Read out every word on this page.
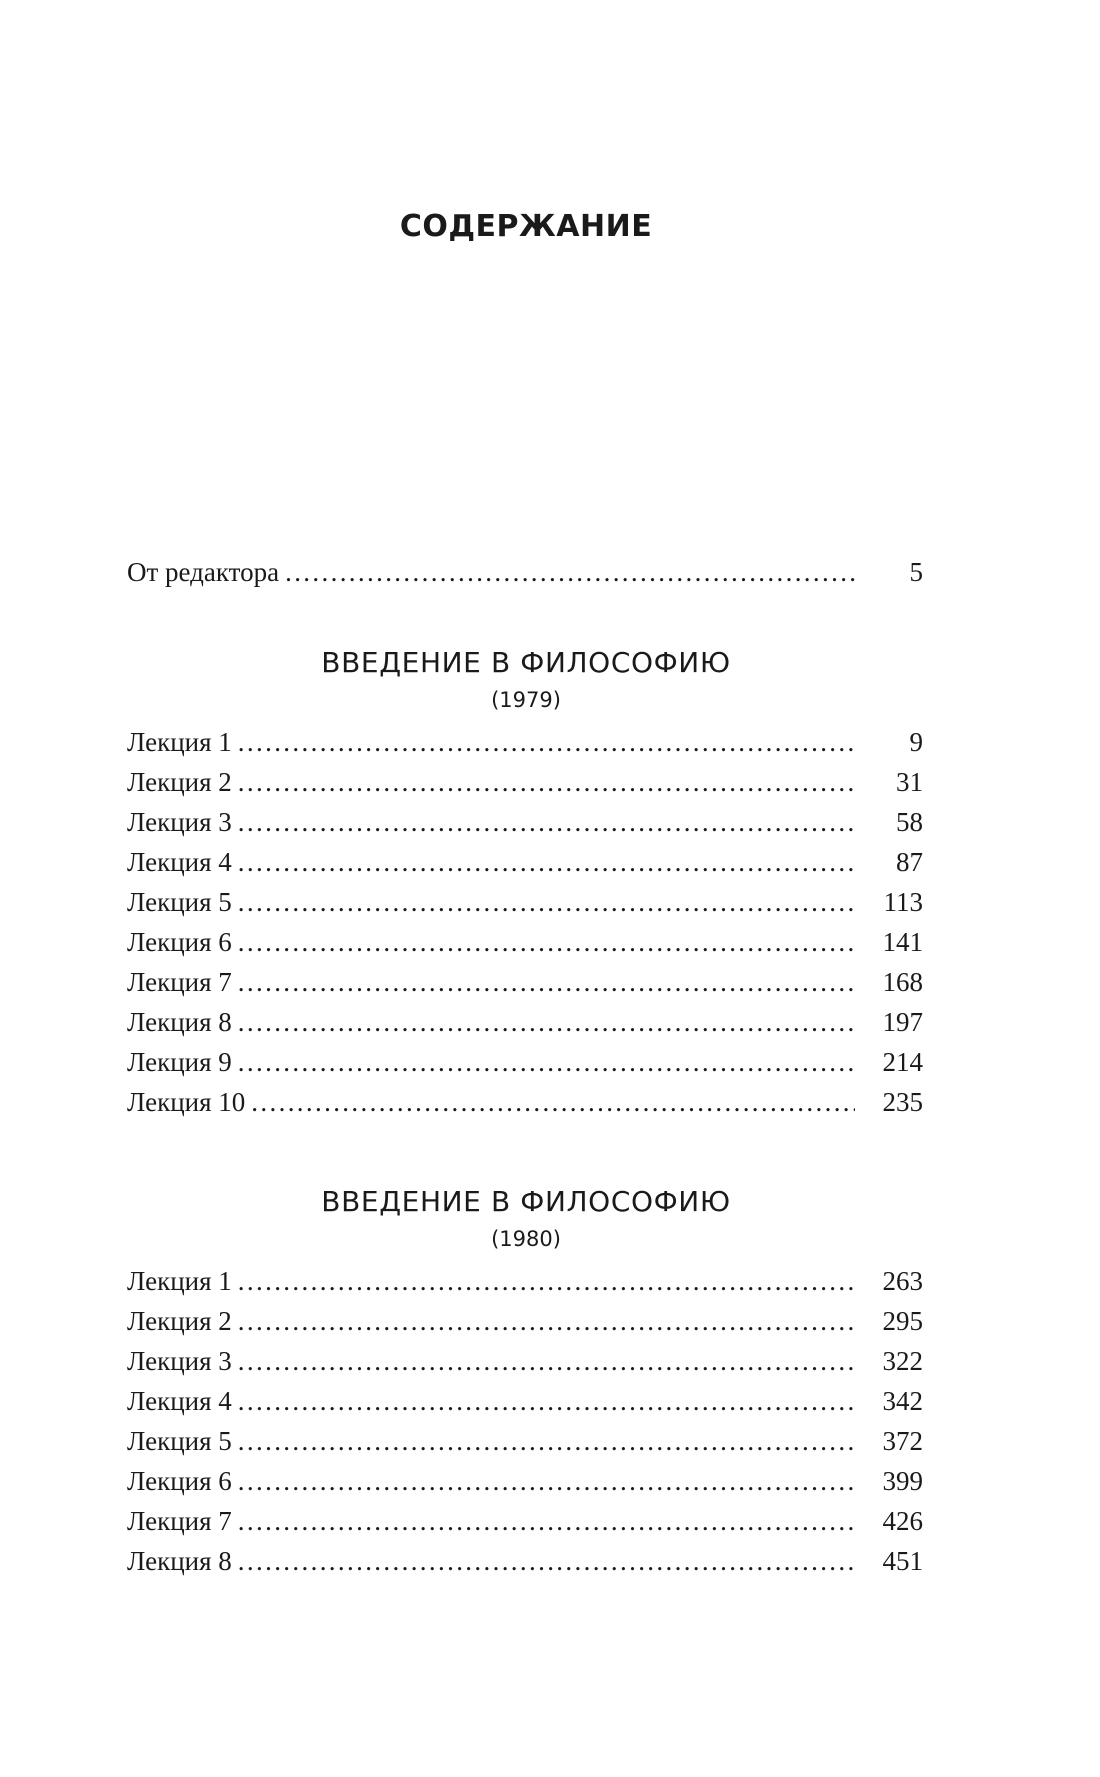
СОДЕРЖАНИЕ
От редактора . . .	5
ВВЕДЕНИЕ В ФИЛОСОФИЮ
(1979)
Лекция 1 . . .	9
Лекция 2 . . .	31
Лекция 3 . . .	58
Лекция 4 . . .	87
Лекция 5 . . .	113
Лекция 6 . . .	141
Лекция 7 . . .	168
Лекция 8 . . .	197
Лекция 9 . . .	214
Лекция 10 . . .	235
ВВЕДЕНИЕ В ФИЛОСОФИЮ
(1980)
Лекция 1 . . .	263
Лекция 2 . . .	295
Лекция 3 . . .	322
Лекция 4 . . .	342
Лекция 5 . . .	372
Лекция 6 . . .	399
Лекция 7 . . .	426
Лекция 8 . . .	451
